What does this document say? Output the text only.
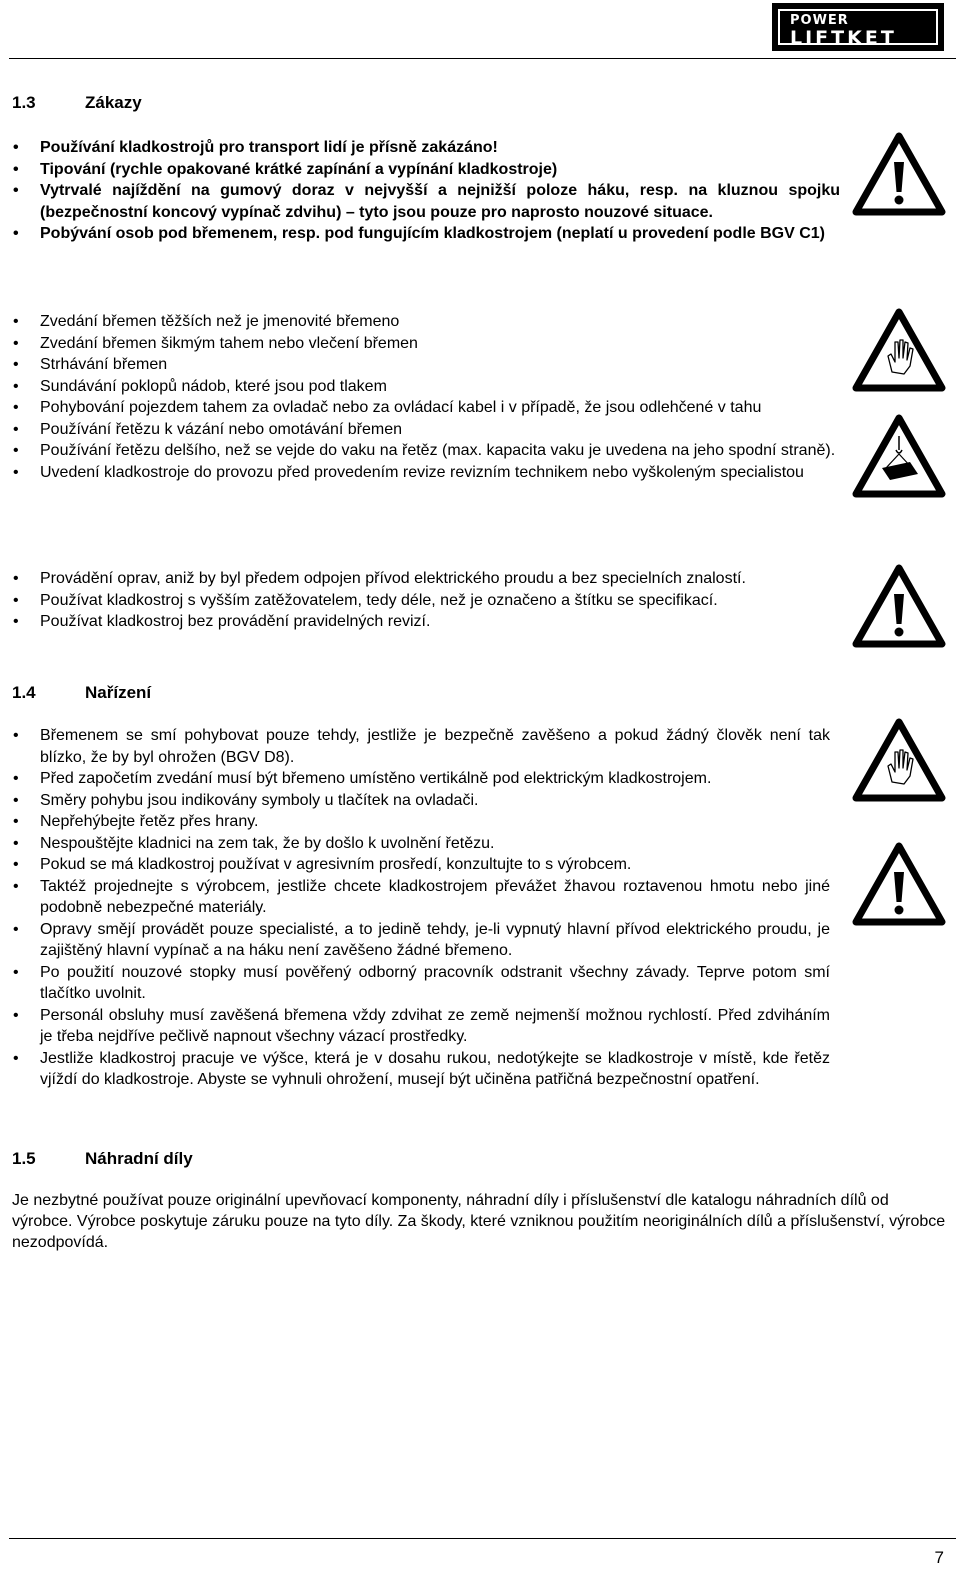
POWER
LIFTKET
1.3	Zákazy
• Používání kladkostrojů pro transport lidí je přísně zakázáno!
• Tipování (rychle opakované krátké zapínání a vypínání kladkostroje)
• Vytrvalé najíždění na gumový doraz v nejvyšší a nejnižší poloze háku, resp. na kluznou spojku (bezpečnostní koncový vypínač zdvihu) – tyto jsou pouze pro naprosto nouzové situace.
• Pobývání osob pod břemenem, resp. pod fungujícím kladkostrojem (neplatí u provedení podle BGV C1)
• Zvedání břemen těžších než je jmenovité břemeno
• Zvedání břemen šikmým tahem nebo vlečení břemen
• Strhávání břemen
• Sundávání poklopů nádob, které jsou pod tlakem
• Pohybování pojezdem tahem za ovladač nebo za ovládací kabel i v případě, že jsou odlehčené v tahu
• Používání řetězu k vázání nebo omotávání břemen
• Používání řetězu delšího, než se vejde do vaku na řetěz (max. kapacita vaku je uvedena na jeho spodní straně).
• Uvedení kladkostroje do provozu před provedením revize revizním technikem nebo vyškoleným specialistou
• Provádění oprav, aniž by byl předem odpojen přívod elektrického proudu a bez specielních znalostí.
• Používat kladkostroj s vyšším zatěžovatelem, tedy déle, než je označeno a štítku se specifikací.
• Používat kladkostroj bez provádění pravidelných revizí.
1.4	Nařízení
• Břemenem se smí pohybovat pouze tehdy, jestliže je bezpečně zavěšeno a pokud žádný člověk není tak blízko, že by byl ohrožen (BGV D8).
• Před započetím zvedání musí být břemeno umístěno vertikálně pod elektrickým kladkostrojem.
• Směry pohybu jsou indikovány symboly u tlačítek na ovladači.
• Nepřehýbejte řetěz přes hrany.
• Nespouštějte kladnici na zem tak, že by došlo k uvolnění řetězu.
• Pokud se má kladkostroj používat v agresivním prosředí, konzultujte to s výrobcem.
• Taktéž projednejte s výrobcem, jestliže chcete kladkostrojem převážet žhavou roztavenou hmotu nebo jiné podobně nebezpečné materiály.
• Opravy smějí provádět pouze specialisté, a to jedině tehdy, je-li vypnutý hlavní přívod elektrického proudu, je zajištěný hlavní vypínač a na háku není zavěšeno žádné břemeno.
• Po použití nouzové stopky musí pověřený odborný pracovník odstranit všechny závady. Teprve potom smí tlačítko uvolnit.
• Personál obsluhy musí zavěšená břemena vždy zdvihat ze země nejmenší možnou rychlostí. Před zdviháním je třeba nejdříve pečlivě napnout všechny vázací prostředky.
• Jestliže kladkostroj pracuje ve výšce, která je v dosahu rukou, nedotýkejte se kladkostroje v místě, kde řetěz vjíždí do kladkostroje. Abyste se vyhnuli ohrožení, musejí být učiněna patřičná bezpečnostní opatření.
1.5	Náhradní díly

Je nezbytné používat pouze originální upevňovací komponenty, náhradní díly i příslušenství dle katalogu náhradních dílů od výrobce. Výrobce poskytuje záruku pouze na tyto díly. Za škody, které vzniknou použitím neoriginálních dílů a příslušenství, výrobce nezodpovídá.

7
